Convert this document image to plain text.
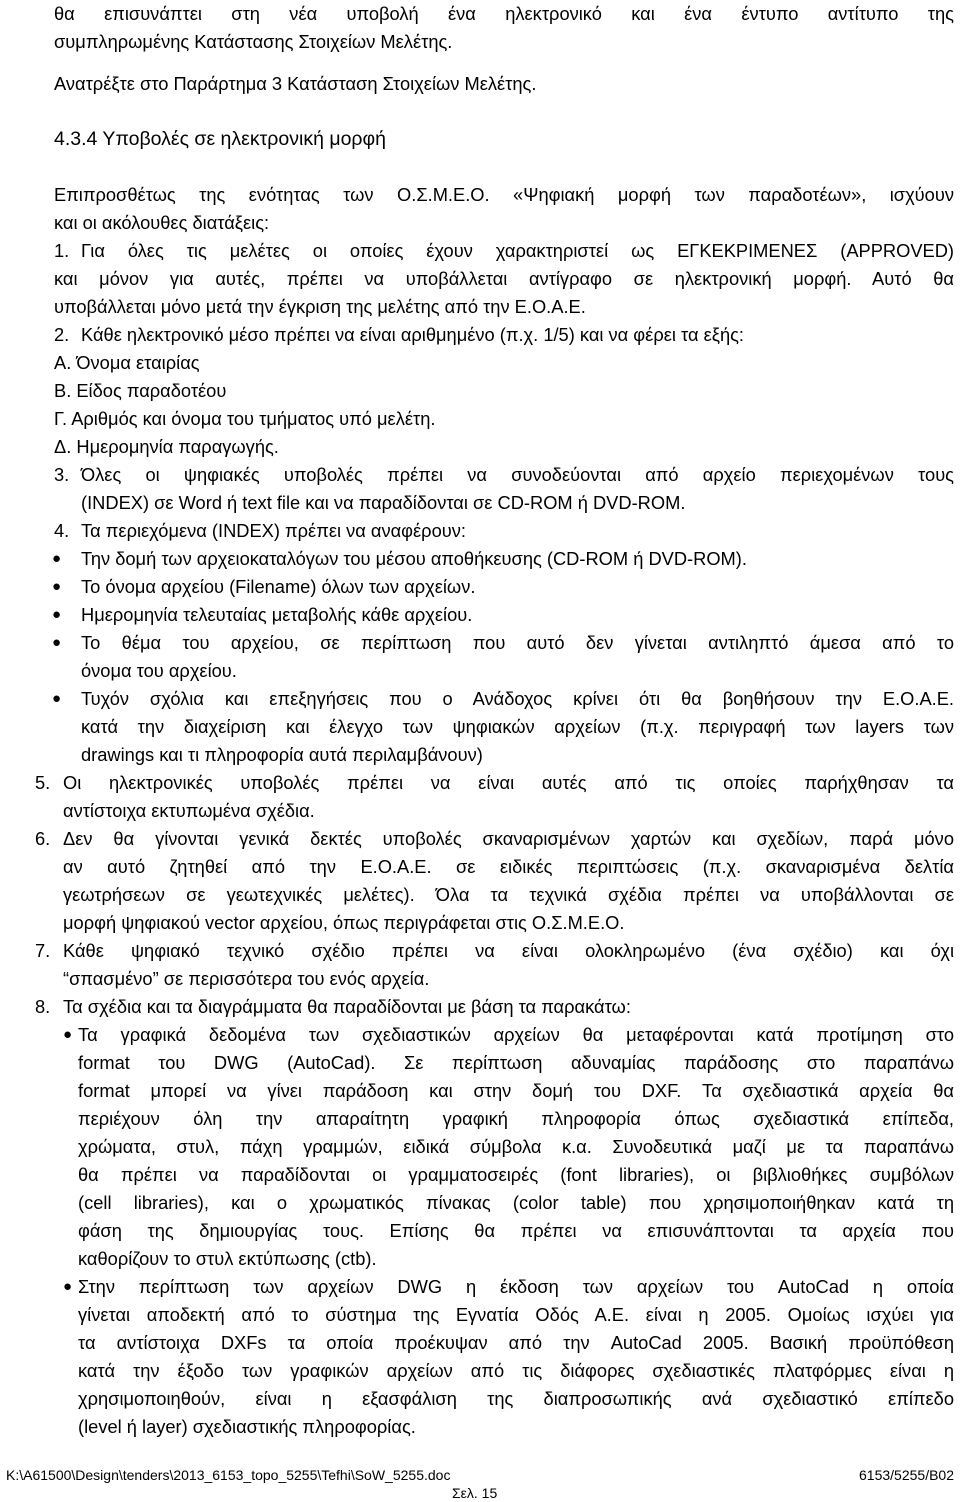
θα επισυνάπτει στη νέα υποβολή ένα ηλεκτρονικό και ένα έντυπο αντίτυπο της
συμπληρωμένης Κατάστασης Στοιχείων Μελέτης.
Ανατρέξτε στο Παράρτημα 3 Κατάσταση Στοιχείων Μελέτης.
4.3.4 Υποβολές σε ηλεκτρονική μορφή
Επιπροσθέτως της ενότητας των Ο.Σ.Μ.Ε.Ο. «Ψηφιακή μορφή των παραδοτέων», ισχύουν
και οι ακόλουθες διατάξεις:
1. Για όλες τις μελέτες οι οποίες έχουν χαρακτηριστεί ως ΕΓΚΕΚΡΙΜΕΝΕΣ (APPROVED)
και μόνον για αυτές, πρέπει να υποβάλλεται αντίγραφο σε ηλεκτρονική μορφή. Αυτό θα
υποβάλλεται μόνο μετά την έγκριση της μελέτης από την Ε.Ο.Α.Ε.
2. Κάθε ηλεκτρονικό μέσο πρέπει να είναι αριθμημένο (π.χ. 1/5) και να φέρει τα εξής:
Α. Όνομα εταιρίας
Β. Είδος παραδοτέου
Γ. Αριθμός και όνομα του τμήματος υπό μελέτη.
Δ. Ημερομηνία παραγωγής.
3. Όλες οι ψηφιακές υποβολές πρέπει να συνοδεύονται από αρχείο περιεχομένων τους
(INDEX) σε Word ή text file και να παραδίδονται σε CD-ROM ή DVD-ROM.
4. Τα περιεχόμενα (INDEX) πρέπει να αναφέρουν:
● Την δομή των αρχειοκαταλόγων του μέσου αποθήκευσης (CD-ROM ή DVD-ROM).
● Το όνομα αρχείου (Filename) όλων των αρχείων.
● Ημερομηνία τελευταίας μεταβολής κάθε αρχείου.
● Το θέμα του αρχείου, σε περίπτωση που αυτό δεν γίνεται αντιληπτό άμεσα από το
όνομα του αρχείου.
● Τυχόν σχόλια και επεξηγήσεις που ο Ανάδοχος κρίνει ότι θα βοηθήσουν την Ε.Ο.Α.Ε.
κατά την διαχείριση και έλεγχο των ψηφιακών αρχείων (π.χ. περιγραφή των layers των
drawings και τι πληροφορία αυτά περιλαμβάνουν)
5. Οι ηλεκτρονικές υποβολές πρέπει να είναι αυτές από τις οποίες παρήχθησαν τα
αντίστοιχα εκτυπωμένα σχέδια.
6. Δεν θα γίνονται γενικά δεκτές υποβολές σκαναρισμένων χαρτών και σχεδίων, παρά μόνο
αν αυτό ζητηθεί από την Ε.Ο.Α.Ε. σε ειδικές περιπτώσεις (π.χ. σκαναρισμένα δελτία
γεωτρήσεων σε γεωτεχνικές μελέτες). Όλα τα τεχνικά σχέδια πρέπει να υποβάλλονται σε
μορφή ψηφιακού vector αρχείου, όπως περιγράφεται στις Ο.Σ.Μ.Ε.Ο.
7. Κάθε ψηφιακό τεχνικό σχέδιο πρέπει να είναι ολοκληρωμένο (ένα σχέδιο) και όχι
“σπασμένο” σε περισσότερα του ενός αρχεία.
8. Τα σχέδια και τα διαγράμματα θα παραδίδονται με βάση τα παρακάτω:
● Τα γραφικά δεδομένα των σχεδιαστικών αρχείων θα μεταφέρονται κατά προτίμηση στο
format του DWG (AutoCad). Σε περίπτωση αδυναμίας παράδοσης στο παραπάνω
format μπορεί να γίνει παράδοση και στην δομή του DXF. Τα σχεδιαστικά αρχεία θα
περιέχουν όλη την απαραίτητη γραφική πληροφορία όπως σχεδιαστικά επίπεδα,
χρώματα, στυλ, πάχη γραμμών, ειδικά σύμβολα κ.α. Συνοδευτικά μαζί με τα παραπάνω
θα πρέπει να παραδίδονται οι γραμματοσειρές (font libraries), οι βιβλιοθήκες συμβόλων
(cell libraries), και ο χρωματικός πίνακας (color table) που χρησιμοποιήθηκαν κατά τη
φάση της δημιουργίας τους. Επίσης θα πρέπει να επισυνάπτονται τα αρχεία που
καθορίζουν το στυλ εκτύπωσης (ctb).
● Στην περίπτωση των αρχείων DWG η έκδοση των αρχείων του AutoCad η οποία
γίνεται αποδεκτή από το σύστημα της Εγνατία Οδός Α.Ε. είναι η 2005. Ομοίως ισχύει για
τα αντίστοιχα DXFs τα οποία προέκυψαν από την AutoCad 2005. Βασική προϋπόθεση
κατά την έξοδο των γραφικών αρχείων από τις διάφορες σχεδιαστικές πλατφόρμες είναι η
χρησιμοποιηθούν, είναι η εξασφάλιση της διαπροσωπικής ανά σχεδιαστικό επίπεδο
(level ή layer) σχεδιαστικής πληροφορίας.
K:\A61500\Design\tenders\2013_6153_topo_5255\Tefhi\SoW_5255.doc	6153/5255/B02
Σελ. 15
